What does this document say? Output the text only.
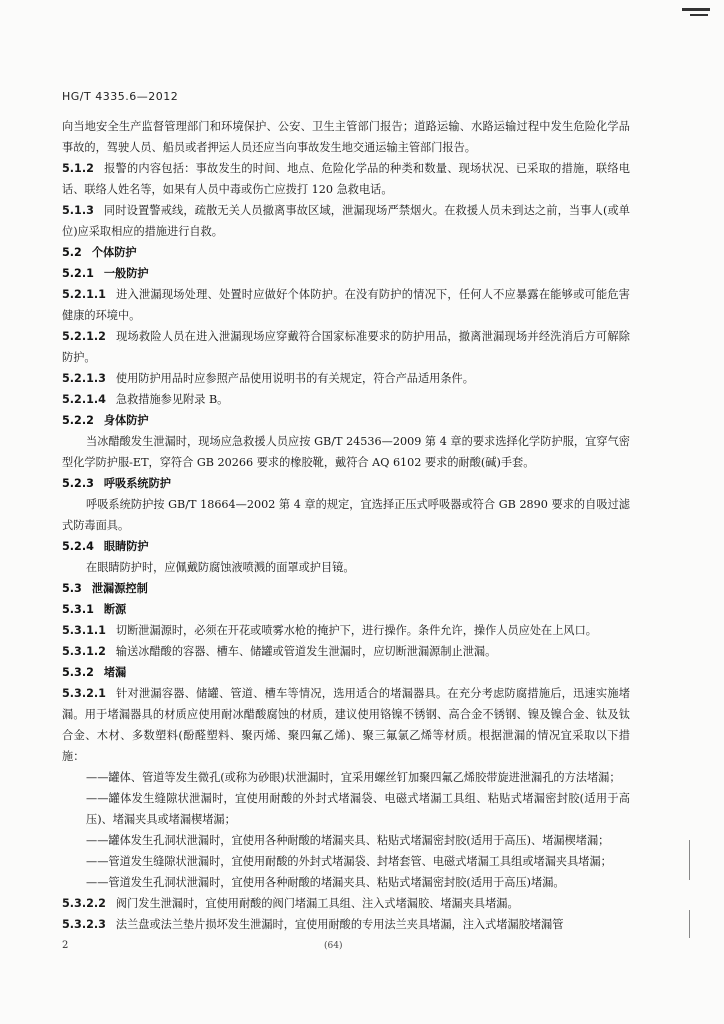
HG/T 4335.6—2012

向当地安全生产监督管理部门和环境保护、公安、卫生主管部门报告；道路运输、水路运输过程中发生危险化学品事故的，驾驶人员、船员或者押运人员还应当向事故发生地交通运输主管部门报告。

5.1.2 报警的内容包括：事故发生的时间、地点、危险化学品的种类和数量、现场状况、已采取的措施，联络电话、联络人姓名等，如果有人员中毒或伤亡应拨打 120 急救电话。

5.1.3 同时设置警戒线，疏散无关人员撤离事故区域，泄漏现场严禁烟火。在救援人员未到达之前，当事人(或单位)应采取相应的措施进行自救。

5.2 个体防护

5.2.1 一般防护

5.2.1.1 进入泄漏现场处理、处置时应做好个体防护。在没有防护的情况下，任何人不应暴露在能够或可能危害健康的环境中。

5.2.1.2 现场救险人员在进入泄漏现场应穿戴符合国家标准要求的防护用品，撤离泄漏现场并经洗消后方可解除防护。

5.2.1.3 使用防护用品时应参照产品使用说明书的有关规定，符合产品适用条件。

5.2.1.4 急救措施参见附录 B。

5.2.2 身体防护

当冰醋酸发生泄漏时，现场应急救援人员应按 GB/T 24536—2009 第 4 章的要求选择化学防护服，宜穿气密型化学防护服-ET，穿符合 GB 20266 要求的橡胶靴，戴符合 AQ 6102 要求的耐酸(碱)手套。

5.2.3 呼吸系统防护

呼吸系统防护按 GB/T 18664—2002 第 4 章的规定，宜选择正压式呼吸器或符合 GB 2890 要求的自吸过滤式防毒面具。

5.2.4 眼睛防护

在眼睛防护时，应佩戴防腐蚀液喷溅的面罩或护目镜。

5.3 泄漏源控制

5.3.1 断源

5.3.1.1 切断泄漏源时，必须在开花或喷雾水枪的掩护下，进行操作。条件允许，操作人员应处在上风口。

5.3.1.2 输送冰醋酸的容器、槽车、储罐或管道发生泄漏时，应切断泄漏源制止泄漏。

5.3.2 堵漏

5.3.2.1 针对泄漏容器、储罐、管道、槽车等情况，选用适合的堵漏器具。在充分考虑防腐措施后，迅速实施堵漏。用于堵漏器具的材质应使用耐冰醋酸腐蚀的材质，建议使用铬镍不锈钢、高合金不锈钢、镍及镍合金、钛及钛合金、木材、多数塑料(酚醛塑料、聚丙烯、聚四氟乙烯)、聚三氟氯乙烯等材质。根据泄漏的情况宜采取以下措施：

——罐体、管道等发生微孔(或称为砂眼)状泄漏时，宜采用螺丝钉加聚四氟乙烯胶带旋进泄漏孔的方法堵漏；

——罐体发生缝隙状泄漏时，宜使用耐酸的外封式堵漏袋、电磁式堵漏工具组、粘贴式堵漏密封胶(适用于高压)、堵漏夹具或堵漏楔堵漏；

——罐体发生孔洞状泄漏时，宜使用各种耐酸的堵漏夹具、粘贴式堵漏密封胶(适用于高压)、堵漏楔堵漏；

——管道发生缝隙状泄漏时，宜使用耐酸的外封式堵漏袋、封堵套管、电磁式堵漏工具组或堵漏夹具堵漏；

——管道发生孔洞状泄漏时，宜使用各种耐酸的堵漏夹具、粘贴式堵漏密封胶(适用于高压)堵漏。

5.3.2.2 阀门发生泄漏时，宜使用耐酸的阀门堵漏工具组、注入式堵漏胶、堵漏夹具堵漏。

5.3.2.3 法兰盘或法兰垫片损坏发生泄漏时，宜使用耐酸的专用法兰夹具堵漏，注入式堵漏胶堵漏管

2	(64)
